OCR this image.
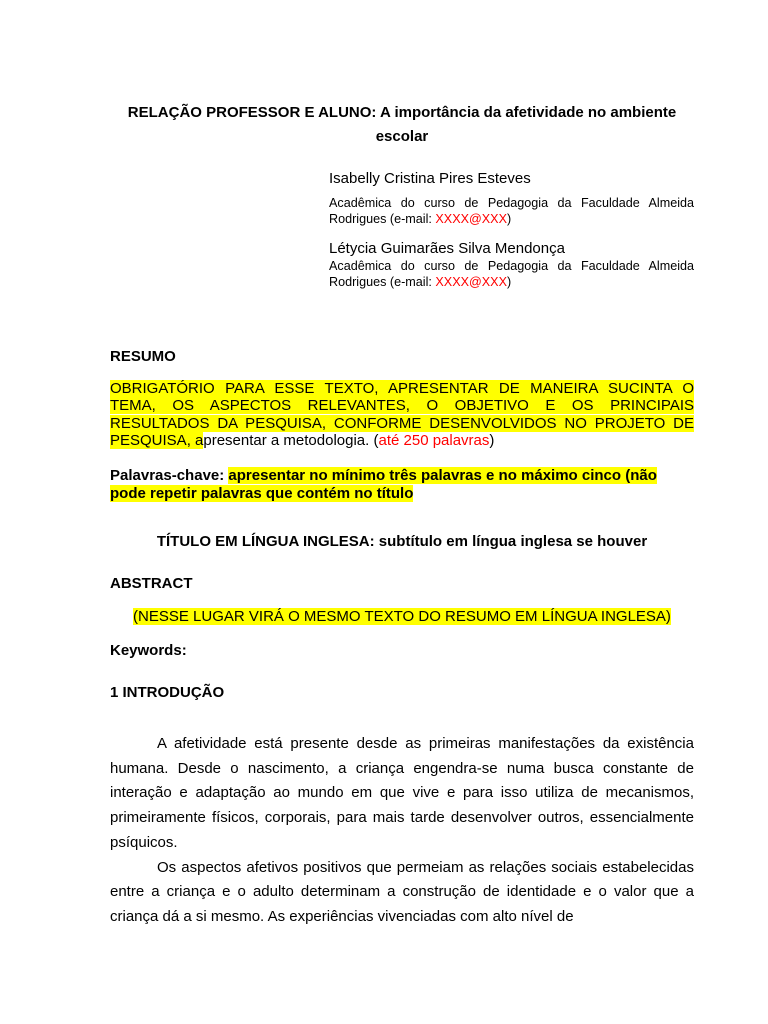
RELAÇÃO PROFESSOR E ALUNO: A importância da afetividade no ambiente escolar
Isabelly Cristina Pires Esteves
Acadêmica do curso de Pedagogia da Faculdade Almeida Rodrigues (e-mail: XXXX@XXX)
Létycia Guimarães Silva Mendonça
Acadêmica do curso de Pedagogia da Faculdade Almeida Rodrigues (e-mail: XXXX@XXX)
RESUMO
OBRIGATÓRIO PARA ESSE TEXTO, APRESENTAR DE MANEIRA SUCINTA O TEMA, OS ASPECTOS RELEVANTES, O OBJETIVO E OS PRINCIPAIS RESULTADOS DA PESQUISA, CONFORME DESENVOLVIDOS NO PROJETO DE PESQUISA, apresentar a metodologia. (até 250 palavras)
Palavras-chave: apresentar no mínimo três palavras e no máximo cinco (não pode repetir palavras que contém no título
TÍTULO EM LÍNGUA INGLESA: subtítulo em língua inglesa se houver
ABSTRACT
(NESSE LUGAR VIRÁ O MESMO TEXTO DO RESUMO EM LÍNGUA INGLESA)
Keywords:
1 INTRODUÇÃO

A afetividade está presente desde as primeiras manifestações da existência humana. Desde o nascimento, a criança engendra-se numa busca constante de interação e adaptação ao mundo em que vive e para isso utiliza de mecanismos, primeiramente físicos, corporais, para mais tarde desenvolver outros, essencialmente psíquicos.

Os aspectos afetivos positivos que permeiam as relações sociais estabelecidas entre a criança e o adulto determinam a construção de identidade e o valor que a criança dá a si mesmo. As experiências vivenciadas com alto nível de
